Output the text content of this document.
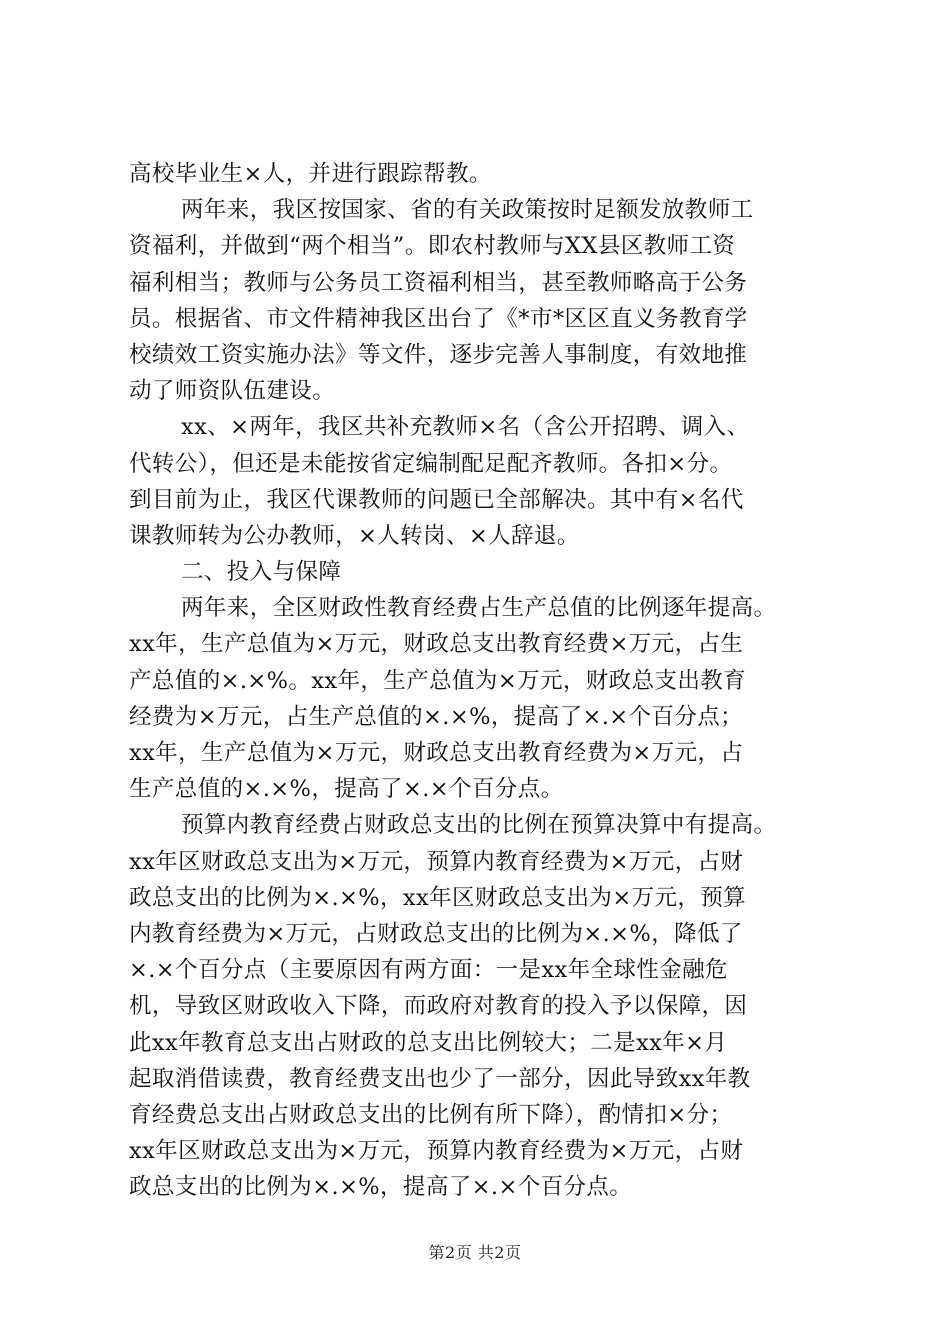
高校毕业生×人，并进行跟踪帮教。
两年来，我区按国家、省的有关政策按时足额发放教师工
资福利，并做到“两个相当”。即农村教师与XX县区教师工资
福利相当；教师与公务员工资福利相当，甚至教师略高于公务
员。根据省、市文件精神我区出台了《*市*区区直义务教育学
校绩效工资实施办法》等文件，逐步完善人事制度，有效地推
动了师资队伍建设。
xx、×两年，我区共补充教师×名（含公开招聘、调入、
代转公），但还是未能按省定编制配足配齐教师。各扣×分。
到目前为止，我区代课教师的问题已全部解决。其中有×名代
课教师转为公办教师，×人转岗、×人辞退。
二、投入与保障
两年来，全区财政性教育经费占生产总值的比例逐年提高。
xx年，生产总值为×万元，财政总支出教育经费×万元，占生
产总值的×.×%。xx年，生产总值为×万元，财政总支出教育
经费为×万元，占生产总值的×.×%，提高了×.×个百分点；
xx年，生产总值为×万元，财政总支出教育经费为×万元，占
生产总值的×.×%，提高了×.×个百分点。
预算内教育经费占财政总支出的比例在预算决算中有提高。
xx年区财政总支出为×万元，预算内教育经费为×万元，占财
政总支出的比例为×.×%，xx年区财政总支出为×万元，预算
内教育经费为×万元，占财政总支出的比例为×.×%，降低了
×.×个百分点（主要原因有两方面：一是xx年全球性金融危
机，导致区财政收入下降，而政府对教育的投入予以保障，因
此xx年教育总支出占财政的总支出比例较大；二是xx年×月
起取消借读费，教育经费支出也少了一部分，因此导致xx年教
育经费总支出占财政总支出的比例有所下降），酌情扣×分；
xx年区财政总支出为×万元，预算内教育经费为×万元，占财
政总支出的比例为×.×%，提高了×.×个百分点。
第2页 共2页
